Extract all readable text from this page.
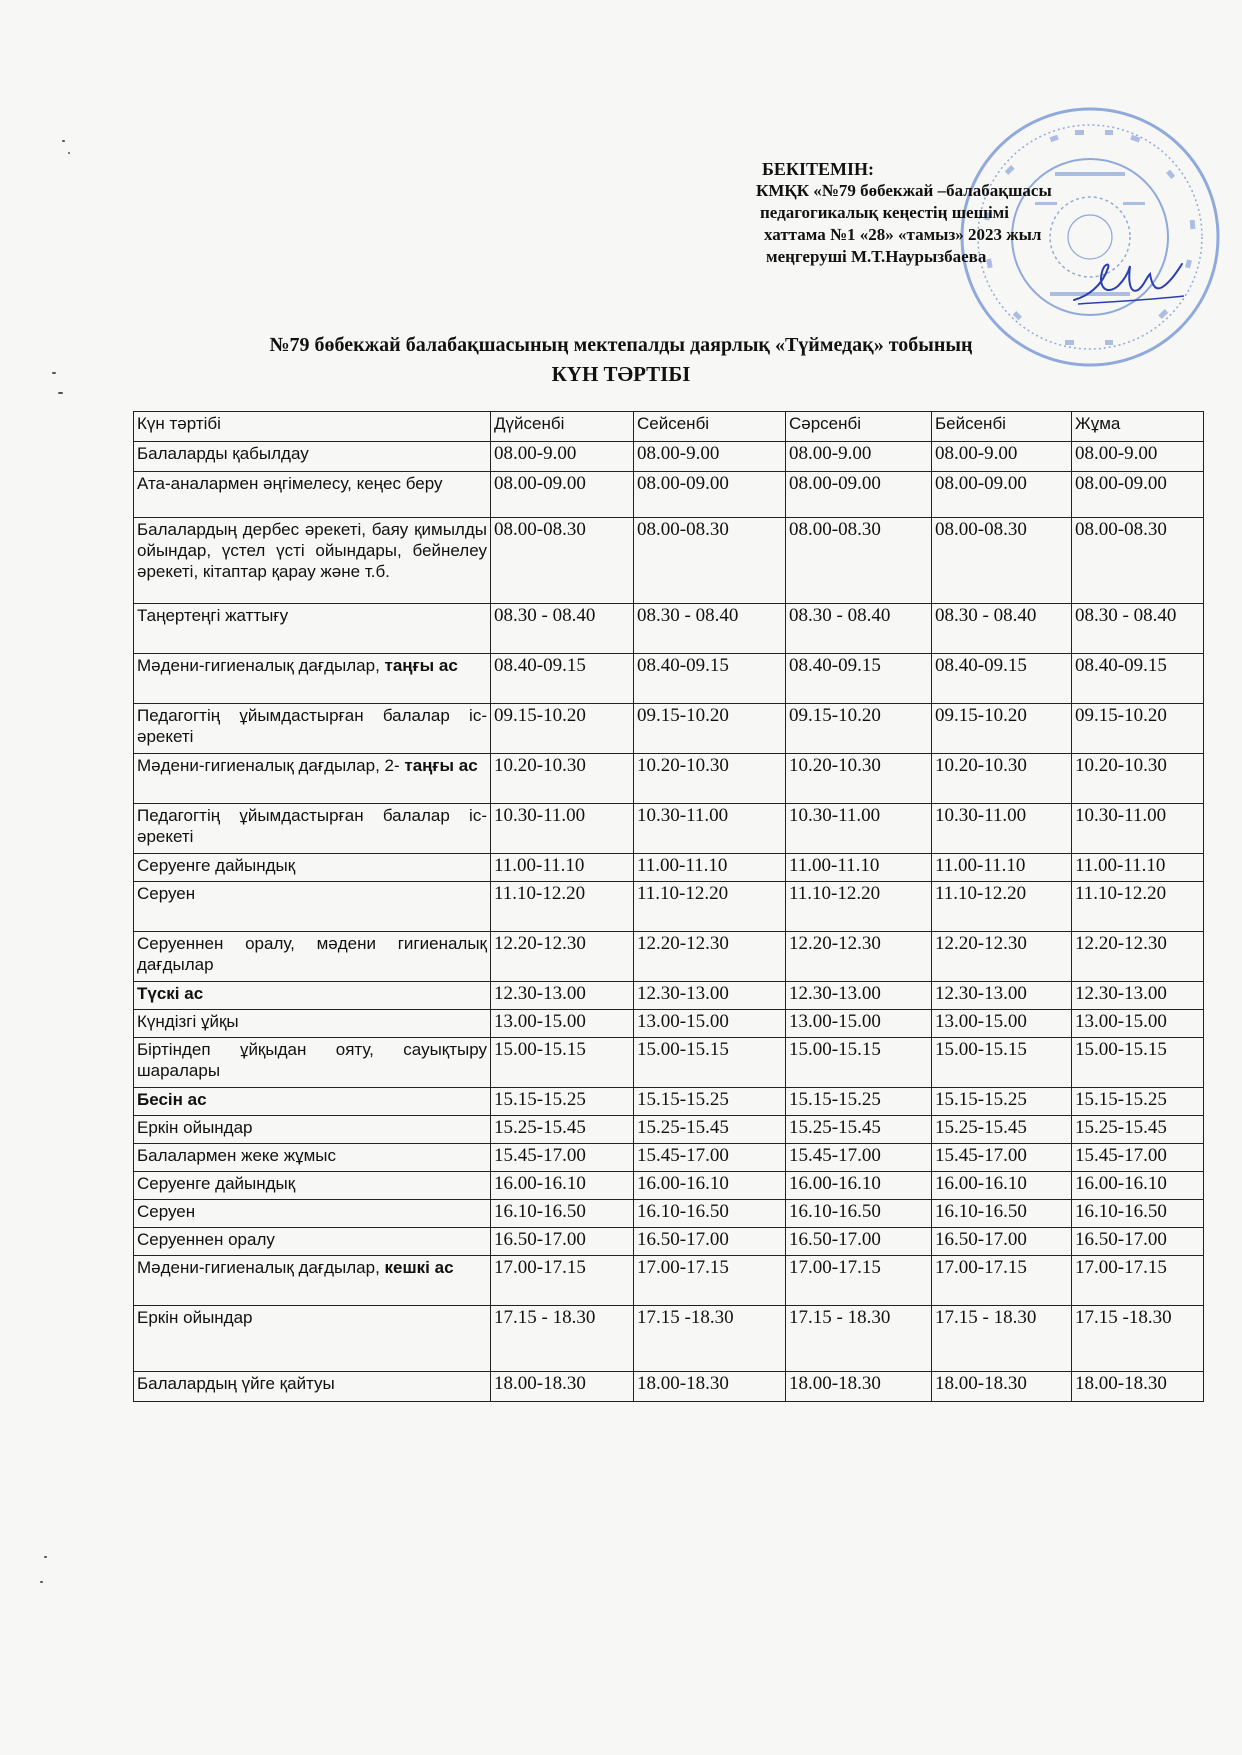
БЕКІТЕМІН:
КМҚК «№79 бөбекжай –балабақшасы
педагогикалық кеңестің шешімі
хаттама №1 «28» «тамыз» 2023 жыл
меңгеруші М.Т.Наурызбаева
№79 бөбекжай балабақшасының мектепалды даярлық «Түймедақ» тобының
КҮН ТӘРТІБІ
Күн тәртібі	Дүйсенбі	Сейсенбі	Сәрсенбі	Бейсенбі	Жұма
Балаларды қабылдау	08.00-9.00	08.00-9.00	08.00-9.00	08.00-9.00	08.00-9.00
Ата-аналармен әңгімелесу, кеңес беру	08.00-09.00	08.00-09.00	08.00-09.00	08.00-09.00	08.00-09.00
Балалардың дербес әрекеті, баяу қимылды ойындар, үстел үсті ойындары, бейнелеу әрекеті, кітаптар қарау және т.б.	08.00-08.30	08.00-08.30	08.00-08.30	08.00-08.30	08.00-08.30
Таңертеңгі жаттығу	08.30 - 08.40	08.30 - 08.40	08.30 - 08.40	08.30 - 08.40	08.30 - 08.40
Мәдени-гигиеналық дағдылар, таңғы ас	08.40-09.15	08.40-09.15	08.40-09.15	08.40-09.15	08.40-09.15
Педагогтің ұйымдастырған балалар іс-әрекеті	09.15-10.20	09.15-10.20	09.15-10.20	09.15-10.20	09.15-10.20
Мәдени-гигиеналық дағдылар, 2- таңғы ас	10.20-10.30	10.20-10.30	10.20-10.30	10.20-10.30	10.20-10.30
Педагогтің ұйымдастырған балалар іс-әрекеті	10.30-11.00	10.30-11.00	10.30-11.00	10.30-11.00	10.30-11.00
Серуенге дайындық	11.00-11.10	11.00-11.10	11.00-11.10	11.00-11.10	11.00-11.10
Серуен	11.10-12.20	11.10-12.20	11.10-12.20	11.10-12.20	11.10-12.20
Серуеннен оралу, мәдени гигиеналық дағдылар	12.20-12.30	12.20-12.30	12.20-12.30	12.20-12.30	12.20-12.30
Түскі ас	12.30-13.00	12.30-13.00	12.30-13.00	12.30-13.00	12.30-13.00
Күндізгі ұйқы	13.00-15.00	13.00-15.00	13.00-15.00	13.00-15.00	13.00-15.00
Біртіндеп ұйқыдан ояту, сауықтыру шаралары	15.00-15.15	15.00-15.15	15.00-15.15	15.00-15.15	15.00-15.15
Бесін ас	15.15-15.25	15.15-15.25	15.15-15.25	15.15-15.25	15.15-15.25
Еркін ойындар	15.25-15.45	15.25-15.45	15.25-15.45	15.25-15.45	15.25-15.45
Балалармен жеке жұмыс	15.45-17.00	15.45-17.00	15.45-17.00	15.45-17.00	15.45-17.00
Серуенге дайындық	16.00-16.10	16.00-16.10	16.00-16.10	16.00-16.10	16.00-16.10
Серуен	16.10-16.50	16.10-16.50	16.10-16.50	16.10-16.50	16.10-16.50
Серуеннен оралу	16.50-17.00	16.50-17.00	16.50-17.00	16.50-17.00	16.50-17.00
Мәдени-гигиеналық дағдылар, кешкі ас	17.00-17.15	17.00-17.15	17.00-17.15	17.00-17.15	17.00-17.15
Еркін ойындар	17.15 - 18.30	17.15 -18.30	17.15 - 18.30	17.15 - 18.30	17.15 -18.30
Балалардың үйге қайтуы	18.00-18.30	18.00-18.30	18.00-18.30	18.00-18.30	18.00-18.30
